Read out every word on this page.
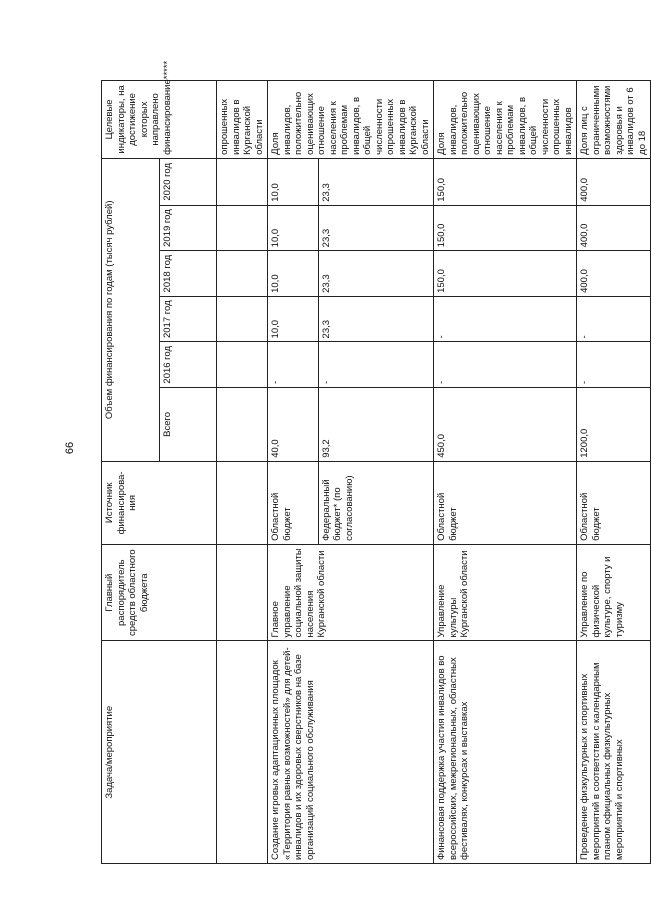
66
Задача/мероприятие	Главный распорядитель средств областного бюджета	Источник финансирова-ния	Объем финансирования по годам (тысяч рублей)						Целевые индикаторы, на достижение которых направлено финансирование*****
			Всего	2016 год	2017 год	2018 год	2019 год	2020 год	
									опрошенных инвалидов в Курганской области
Создание игровых адаптационных площадок «Территория равных возможностей» для детей-инвалидов и их здоровых сверстников на базе организаций социального обслуживания	Главное управление социальной защиты населения Курганской области	Областной бюджет	40,0	-	10,0	10,0	10,0	10,0	Доля инвалидов, положительно оценивающих отношение населения к проблемам инвалидов, в общей численности опрошенных инвалидов в Курганской области
		Федеральный бюджет* (по согласованию)	93,2	-	23,3	23,3	23,3	23,3	
Финансовая поддержка участия инвалидов во всероссийских, межрегиональных, областных фестивалях, конкурсах и выставках	Управление культуры Курганской области	Областной бюджет	450,0	-	-	150,0	150,0	150,0	Доля инвалидов, положительно оценивающих отношение населения к проблемам инвалидов, в общей численности опрошенных инвалидов
Проведение физкультурных и спортивных мероприятий в соответствии с календарным планом официальных физкультурных мероприятий и спортивных	Управление по физической культуре, спорту и туризму	Областной бюджет	1200,0	-	-	400,0	400,0	400,0	Доля лиц с ограниченными возможностями здоровья и инвалидов от 6 до 18
